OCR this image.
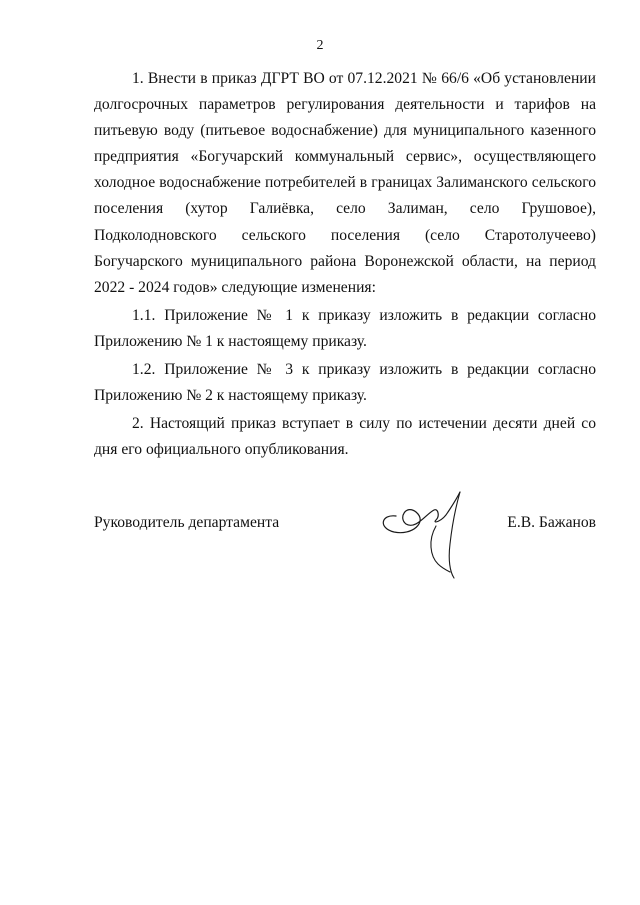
2

1. Внести в приказ ДГРТ ВО от 07.12.2021 № 66/6 «Об установлении долгосрочных параметров регулирования деятельности и тарифов на питьевую воду (питьевое водоснабжение) для муниципального казенного предприятия «Богучарский коммунальный сервис», осуществляющего холодное водоснабжение потребителей в границах Залиманского сельского поселения (хутор Галиёвка, село Залиман, село Грушовое), Подколодновского сельского поселения (село Старотолучеево) Богучарского муниципального района Воронежской области, на период 2022 - 2024 годов» следующие изменения:

1.1. Приложение № 1 к приказу изложить в редакции согласно Приложению № 1 к настоящему приказу.

1.2. Приложение № 3 к приказу изложить в редакции согласно Приложению № 2 к настоящему приказу.

2. Настоящий приказ вступает в силу по истечении десяти дней со дня его официального опубликования.

Руководитель департамента	Е.В. Бажанов
